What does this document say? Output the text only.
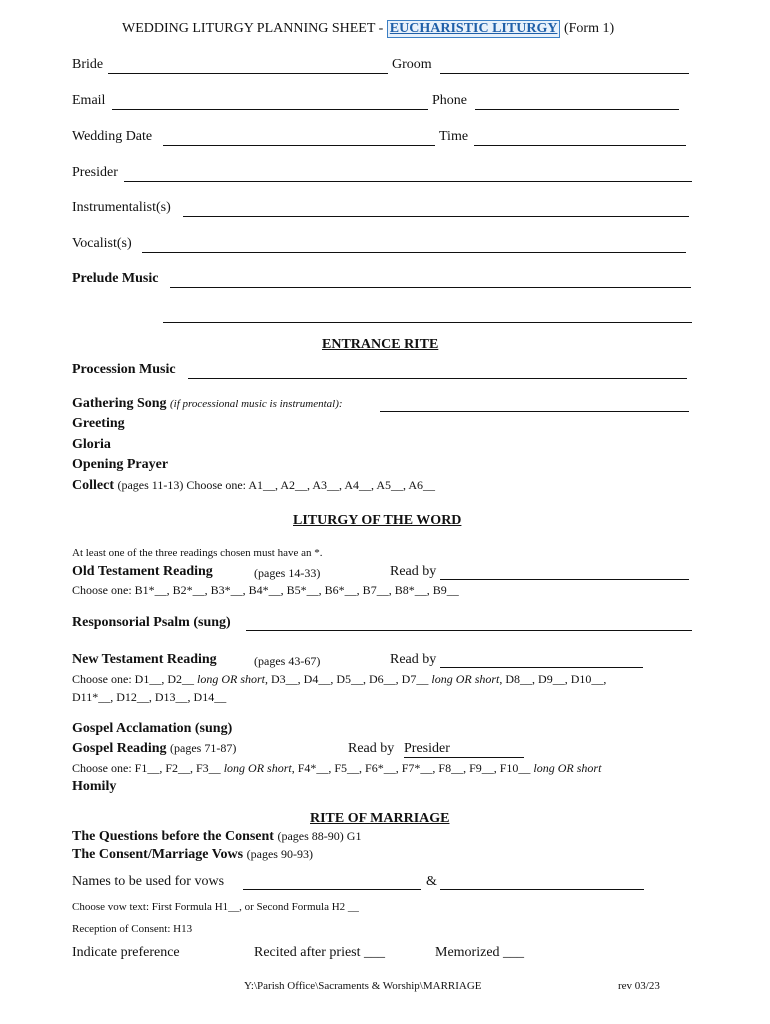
WEDDING LITURGY PLANNING SHEET - EUCHARISTIC LITURGY (Form 1)
Bride	Groom
Email	Phone
Wedding Date	Time
Presider
Instrumentalist(s)
Vocalist(s)
Prelude Music
ENTRANCE RITE
Procession Music
Gathering Song (if processional music is instrumental):
Greeting
Gloria
Opening Prayer
Collect (pages 11-13) Choose one: A1__, A2__, A3__, A4__, A5__, A6__
LITURGY OF THE WORD
At least one of the three readings chosen must have an *.
Old Testament Reading	(pages 14-33)	Read by
Choose one: B1*__, B2*__, B3*__, B4*__, B5*__, B6*__, B7__, B8*__, B9__
Responsorial Psalm (sung)
New Testament Reading	(pages 43-67)	Read by
Choose one: D1__, D2__ long OR short, D3__, D4__, D5__, D6__, D7__ long OR short, D8__, D9__, D10__,
D11*__, D12__, D13__, D14__
Gospel Acclamation (sung)
Gospel Reading (pages 71-87)	Read by Presider
Choose one: F1__, F2__, F3__ long OR short, F4*__, F5__, F6*__, F7*__, F8__, F9__, F10__ long OR short
Homily
RITE OF MARRIAGE
The Questions before the Consent (pages 88-90) G1
The Consent/Marriage Vows (pages 90-93)
Names to be used for vows	&
Choose vow text: First Formula H1__, or Second Formula H2 __
Reception of Consent: H13
Indicate preference	Recited after priest ___	Memorized ___
Y:\Parish Office\Sacraments & Worship\MARRIAGE	rev 03/23
